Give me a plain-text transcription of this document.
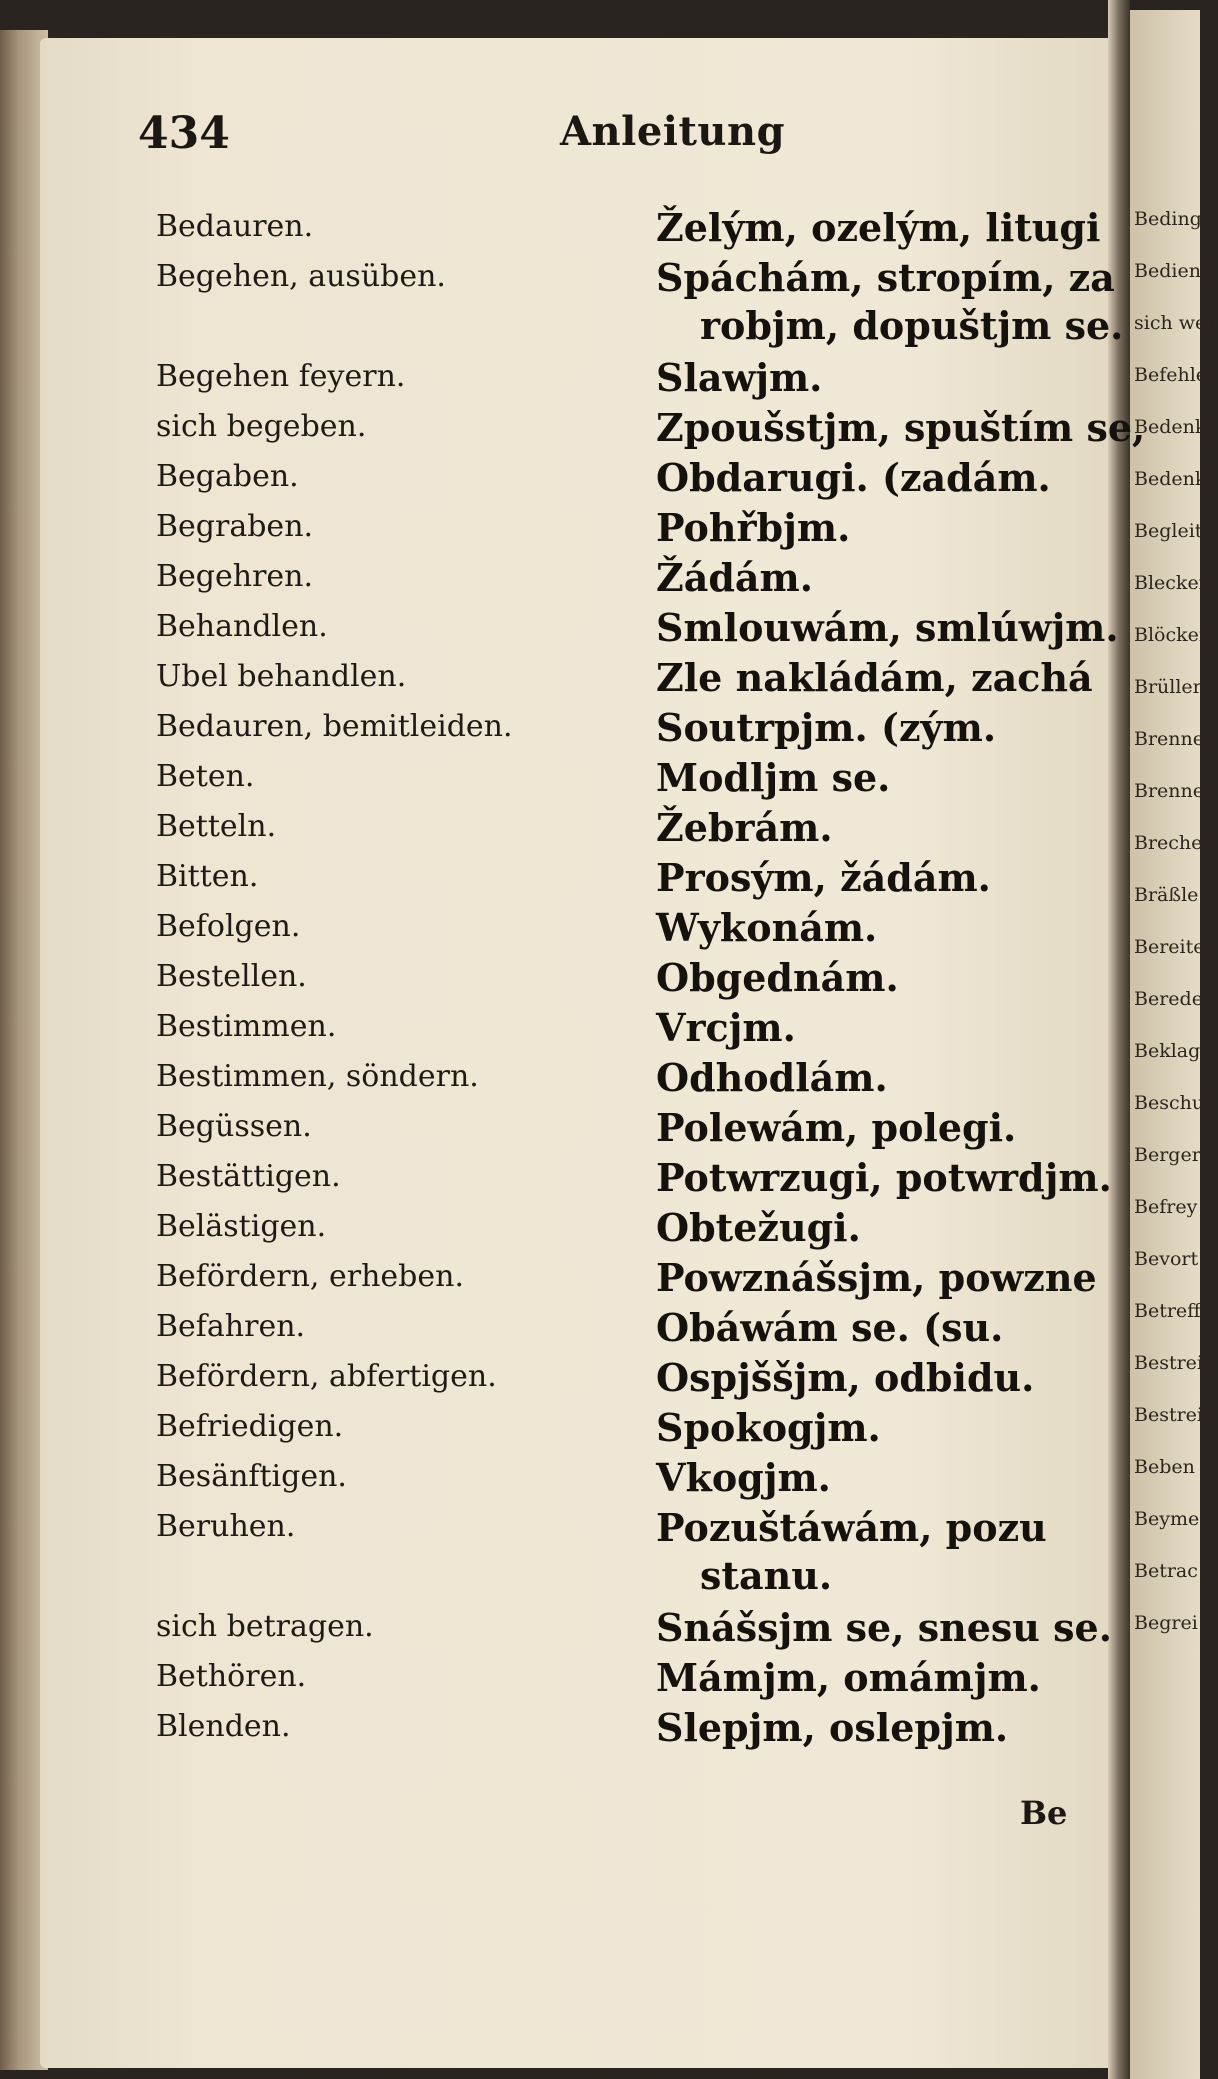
434	Anleitung
Bedauren.	Želým, ozelým, litugi
Begehen, ausüben.	Spáchám, stropím, za
robjm, dopuštjm se.
Begehen feyern.	Slawjm.
sich begeben.	Zpoušstjm, spuštím se,
Begaben.	Obdarugi. (zadám.
Begraben.	Pohřbjm.
Begehren.	Žádám.
Behandlen.	Smlouwám, smlúwjm.
Ubel behandlen.	Zle nakládám, zachá
Bedauren, bemitleiden.	Soutrpjm. (zým.
Beten.	Modljm se.
Betteln.	Žebrám.
Bitten.	Prosým, žádám.
Befolgen.	Wykonám.
Bestellen.	Obgednám.
Bestimmen.	Vrcjm.
Bestimmen, söndern.	Odhodlám.
Begüssen.	Polewám, polegi.
Bestättigen.	Potwrzugi, potwrdjm.
Belästigen.	Obtežugi.
Befördern, erheben.	Powznášsjm, powzne
Befahren.	Obáwám se. (su.
Befördern, abfertigen.	Ospjššjm, odbidu.
Befriedigen.	Spokogjm.
Besänftigen.	Vkogjm.
Beruhen.	Pozuštáwám, pozu
stanu.
sich betragen.	Snášsjm se, snesu se.
Bethören.	Mámjm, omámjm.
Blenden.	Slepjm, oslepjm.
Be
Beding
Bediene
sich weg
Befehle
Bedenke
Bedenke
Begleit
Blecken
Blöcken
Brüller
Brenne
Brenne
Brecher
Bräßle
Bereite
Berede
Beklag
Beschul
Berger
Befrey
Bevort
Betreff
Bestrei
Bestrei
Beben
Beyme
Betrac
Begrei
